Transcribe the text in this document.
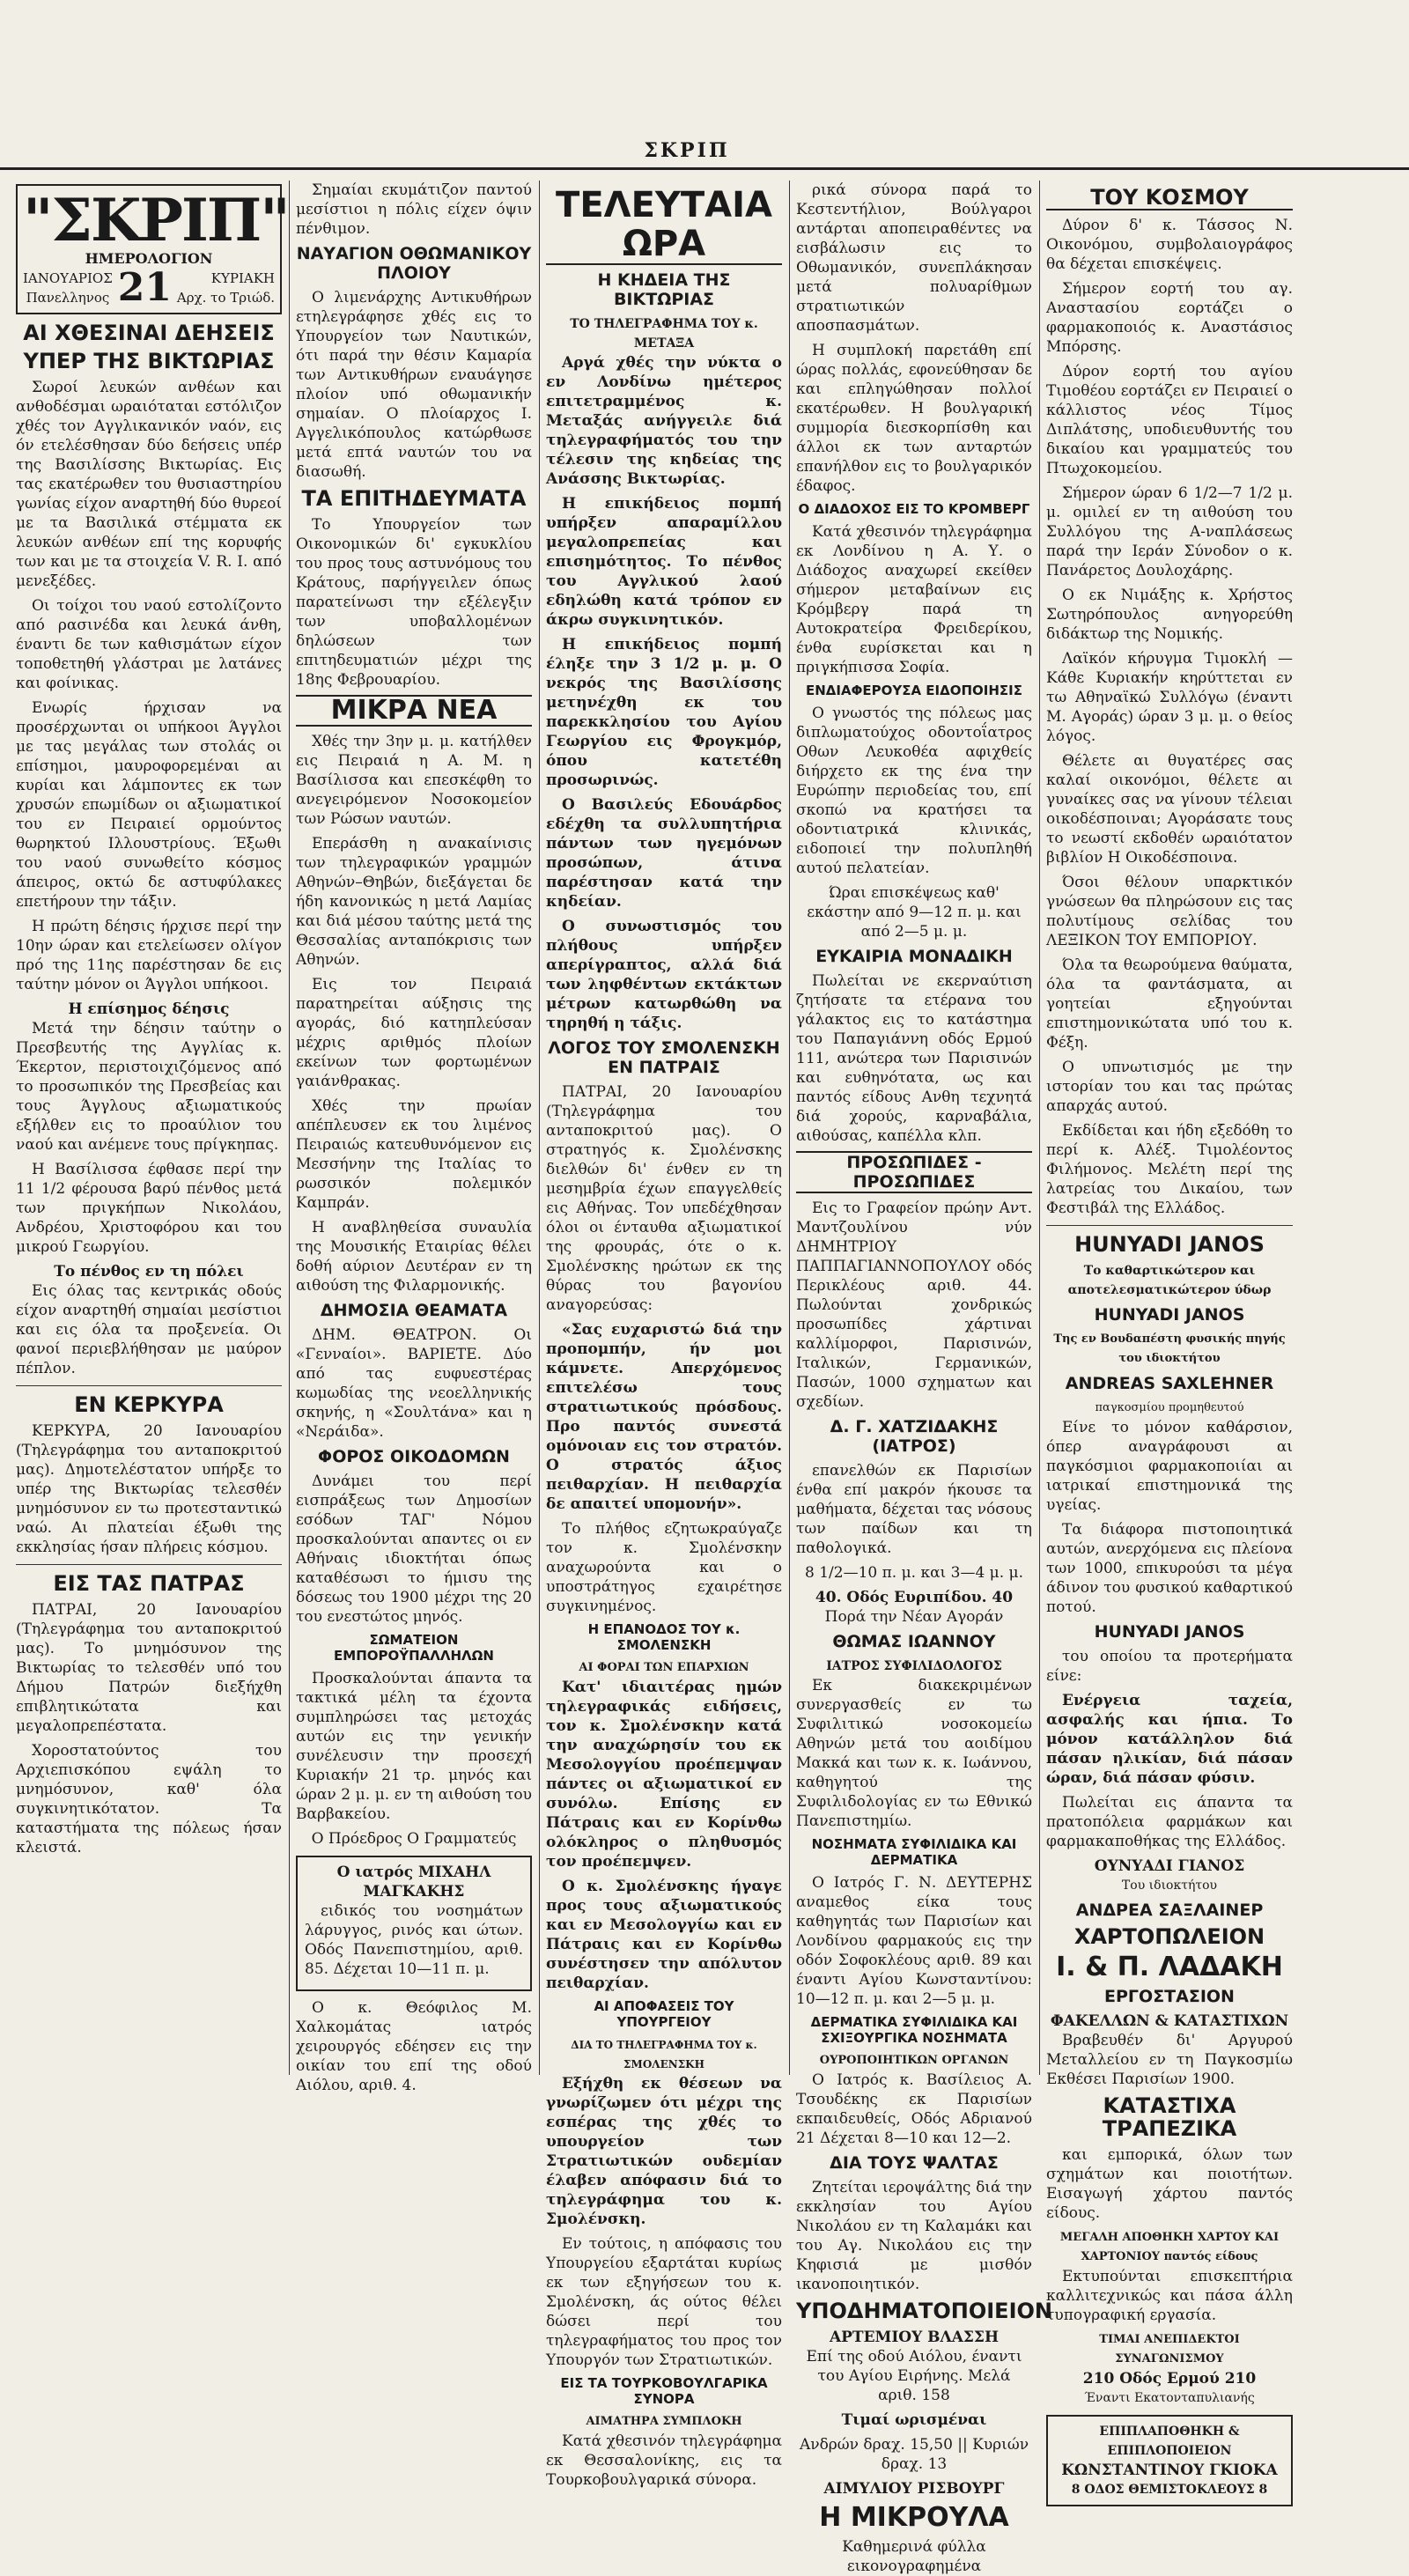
ΣΚΡΙΠ
"ΣΚΡΙΠ"
ΗΜΕΡΟΛΟΓΙΟΝ
ΙΑΝΟΥΑΡΙΟΣ
Πανελληνος 21	ΚΥΡΙΑΚΗ
Αρχ. το Τριώδ.
ΑΙ ΧΘΕΣΙΝΑΙ ΔΕΗΣΕΙΣ
ΥΠΕΡ ΤΗΣ ΒΙΚΤΩΡΙΑΣ

Σωροί λευκών ανθέων και ανθοδέσμαι ωραιόταται εστόλιζον χθές τον Αγγλικανικόν ναόν, εις όν ετελέσθησαν δύο δεήσεις υπέρ της Βασιλίσσης Βικτωρίας. Εις τας εκατέρωθεν του θυσιαστηρίου γωνίας είχον αναρτηθή δύο θυρεοί με τα Βασιλικά στέμματα εκ λευκών ανθέων επί της κορυφής των και με τα στοιχεία V. R. I. από μενεξέδες.

Οι τοίχοι του ναού εστολίζοντο από ρασινέδα και λευκά άνθη, έναντι δε των καθισμάτων είχον τοποθετηθή γλάστραι με λατάνες και φοίνικας.

Ενωρίς ήρχισαν να προσέρχωνται οι υπήκοοι Άγγλοι με τας μεγάλας των στολάς οι επίσημοι, μαυροφορεμέναι αι κυρίαι και λάμποντες εκ των χρυσών επωμίδων οι αξιωματικοί του εν Πειραιεί ορμούντος θωρηκτού Ιλλουστρίους. Έξωθι του ναού συνωθείτο κόσμος άπειρος, οκτώ δε αστυφύλακες επετήρουν την τάξιν.

Η πρώτη δέησις ήρχισε περί την 10ην ώραν και ετελείωσεν ολίγον πρό της 11ης παρέστησαν δε εις ταύτην μόνον οι Άγγλοι υπήκοοι.

Η επίσημος δέησις

Μετά την δέησιν ταύτην ο Πρεσβευτής της Αγγλίας κ. Έκερτον, περιστοιχιζόμενος από το προσωπικόν της Πρεσβείας και τους Άγγλους αξιωματικούς εξήλθεν εις το προαύλιον του ναού και ανέμενε τους πρίγκηπας.

Η Βασίλισσα έφθασε περί την 11 1/2 φέρουσα βαρύ πένθος μετά των πριγκήπων Νικολάου, Ανδρέου, Χριστοφόρου και του μικρού Γεωργίου.

Το πένθος εν τη πόλει

Εις όλας τας κεντρικάς οδούς είχον αναρτηθή σημαίαι μεσίστιοι και εις όλα τα προξενεία. Οι φανοί περιεβλήθησαν με μαύρον πέπλον.

ΕΝ ΚΕΡΚΥΡΑ

ΚΕΡΚΥΡΑ, 20 Ιανουαρίου (Τηλεγράφημα του ανταποκριτού μας). Δημοτελέστατον υπήρξε το υπέρ της Βικτωρίας τελεσθέν μνημόσυνον εν τω προτεσταντικώ ναώ. Αι πλατείαι έξωθι της εκκλησίας ήσαν πλήρεις κόσμου.

ΕΙΣ ΤΑΣ ΠΑΤΡΑΣ

ΠΑΤΡΑΙ, 20 Ιανουαρίου (Τηλεγράφημα του ανταποκριτού μας). Το μνημόσυνον της Βικτωρίας το τελεσθέν υπό του Δήμου Πατρών διεξήχθη επιβλητικώτατα και μεγαλοπρεπέστατα.

Χοροστατούντος του Αρχιεπισκόπου εψάλη το μνημόσυνον, καθ' όλα συγκινητικότατον. Τα καταστήματα της πόλεως ήσαν κλειστά.

Σημαίαι εκυμάτιζον παντού μεσίστιοι η πόλις είχεν όψιν πένθιμον.

ΝΑΥΑΓΙΟΝ ΟΘΩΜΑΝΙΚΟΥ ΠΛΟΙΟΥ

Ο λιμενάρχης Αντικυθήρων ετηλεγράφησε χθές εις το Υπουργείον των Ναυτικών, ότι παρά την θέσιν Καμαρία των Αντικυθήρων εναυάγησε πλοίον υπό οθωμανικήν σημαίαν. Ο πλοίαρχος Ι. Αγγελικόπουλος κατώρθωσε μετά επτά ναυτών του να διασωθή.

ΤΑ ΕΠΙΤΗΔΕΥΜΑΤΑ

Το Υπουργείον των Οικονομικών δι' εγκυκλίου του προς τους αστυνόμους του Κράτους, παρήγγειλεν όπως παρατείνωσι την εξέλεγξιν των υποβαλλομένων δηλώσεων των επιτηδευματιών μέχρι της 18ης Φεβρουαρίου.

ΜΙΚΡΑ ΝΕΑ

Χθές την 3ην μ. μ. κατήλθεν εις Πειραιά η Α. Μ. η Βασίλισσα και επεσκέφθη το ανεγειρόμενον Νοσοκομείον των Ρώσων ναυτών.

Επεράσθη η ανακαίνισις των τηλεγραφικών γραμμών Αθηνών–Θηβών, διεξάγεται δε ήδη κανονικώς η μετά Λαμίας και διά μέσου ταύτης μετά της Θεσσαλίας ανταπόκρισις των Αθηνών.

Εις τον Πειραιά παρατηρείται αύξησις της αγοράς, διό κατηπλεύσαν μέχρις αριθμός πλοίων εκείνων των φορτωμένων γαιάνθρακας.

Χθές την πρωίαν απέπλευσεν εκ του λιμένος Πειραιώς κατευθυνόμενον εις Μεσσήνην της Ιταλίας το ρωσσικόν πολεμικόν Καμπράν.

Η αναβληθείσα συναυλία της Μουσικής Εταιρίας θέλει δοθή αύριον Δευτέραν εν τη αιθούση της Φιλαρμονικής.

ΔΗΜΟΣΙΑ ΘΕΑΜΑΤΑ

ΔΗΜ. ΘΕΑΤΡΟΝ. Οι «Γενναίοι». ΒΑΡΙΕΤΕ. Δύο από τας ευφυεστέρας κωμωδίας της νεοελληνικής σκηνής, η «Σουλτάνα» και η «Νεράιδα».

ΦΟΡΟΣ ΟΙΚΟΔΟΜΩΝ

Δυνάμει του περί εισπράξεως των Δημοσίων εσόδων ΤΑΓ' Νόμου προσκαλούνται απαντες οι εν Αθήναις ιδιοκτήται όπως καταθέσωσι το ήμισυ της δόσεως του 1900 μέχρι της 20 του ενεστώτος μηνός.

ΣΩΜΑΤΕΙΟΝ ΕΜΠΟΡΟΫΠΑΛΛΗΛΩΝ

Προσκαλούνται άπαντα τα τακτικά μέλη τα έχοντα συμπληρώσει τας μετοχάς αυτών εις την γενικήν συνέλευσιν την προσεχή Κυριακήν 21 τρ. μηνός και ώραν 2 μ. μ. εν τη αιθούση του Βαρβακείου.

Ο Πρόεδρος Ο Γραμματεύς

Ο ιατρός ΜΙΧΑΗΛ ΜΑΓΚΑΚΗΣ

ειδικός του νοσημάτων λάρυγγος, ρινός και ώτων. Οδός Πανεπιστημίου, αριθ. 85. Δέχεται 10—11 π. μ.

Ο κ. Θεόφιλος Μ. Χαλκομάτας ιατρός χειρουργός εδέησεν εις την οικίαν του επί της οδού Αιόλου, αριθ. 4.

ΤΕΛΕΥΤΑΙΑ ΩΡΑ
Η ΚΗΔΕΙΑ ΤΗΣ ΒΙΚΤΩΡΙΑΣ
ΤΟ ΤΗΛΕΓΡΑΦΗΜΑ ΤΟΥ κ. ΜΕΤΑΞΑ

Αργά χθές την νύκτα ο εν Λονδίνω ημέτερος επιτετραμμένος κ. Μεταξάς ανήγγειλε διά τηλεγραφήματός του την τέλεσιν της κηδείας της Ανάσσης Βικτωρίας.

Η επικήδειος πομπή υπήρξεν απαραμίλλου μεγαλοπρεπείας και επισημότητος. Το πένθος του Αγγλικού λαού εδηλώθη κατά τρόπον εν άκρω συγκινητικόν.

Η επικήδειος πομπή έληξε την 3 1/2 μ. μ. Ο νεκρός της Βασιλίσσης μετηνέχθη εκ του παρεκκλησίου του Αγίου Γεωργίου εις Φρογκμόρ, όπου κατετέθη προσωρινώς.

Ο Βασιλεύς Εδουάρδος εδέχθη τα συλλυπητήρια πάντων των ηγεμόνων προσώπων, άτινα παρέστησαν κατά την κηδείαν.

Ο συνωστισμός του πλήθους υπήρξεν απερίγραπτος, αλλά διά των ληφθέντων εκτάκτων μέτρων κατωρθώθη να τηρηθή η τάξις.

ΛΟΓΟΣ ΤΟΥ ΣΜΟΛΕΝΣΚΗ ΕΝ ΠΑΤΡΑΙΣ

ΠΑΤΡΑΙ, 20 Ιανουαρίου (Τηλεγράφημα του ανταποκριτού μας). Ο στρατηγός κ. Σμολένσκης διελθών δι' ένθεν εν τη μεσημβρία έχων επαγγελθείς εις Αθήνας. Τον υπεδέχθησαν όλοι οι ένταυθα αξιωματικοί της φρουράς, ότε ο κ. Σμολένσκης ηρώτων εκ της θύρας του βαγονίου αναγορεύσας:

«Σας ευχαριστώ διά την προπομπήν, ήν μοι κάμνετε. Απερχόμενος επιτελέσω τους στρατιωτικούς πρόσδους. Προ παντός συνεστά ομόνοιαν εις τον στρατόν. Ο στρατός άξιος πειθαρχίαν. Η πειθαρχία δε απαιτεί υπομονήν».

Το πλήθος εζητωκραύγαζε τον κ. Σμολένσκην αναχωρούντα και ο υποστράτηγος εχαιρέτησε συγκινημένος.

Η ΕΠΑΝΟΔΟΣ ΤΟΥ κ. ΣΜΟΛΕΝΣΚΗ
ΑΙ ΦΟΡΑΙ ΤΩΝ ΕΠΑΡΧΙΩΝ

Κατ' ιδιαιτέρας ημών τηλεγραφικάς ειδήσεις, τον κ. Σμολένσκην κατά την αναχώρησίν του εκ Μεσολογγίου προέπεμψαν πάντες οι αξιωματικοί εν συνόλω. Επίσης εν Πάτραις και εν Κορίνθω ολόκληρος ο πληθυσμός τον προέπεμψεν.

Ο κ. Σμολένσκης ήγαγε προς τους αξιωματικούς και εν Μεσολογγίω και εν Πάτραις και εν Κορίνθω συνέστησεν την απόλυτον πειθαρχίαν.

ΑΙ ΑΠΟΦΑΣΕΙΣ ΤΟΥ ΥΠΟΥΡΓΕΙΟΥ
ΔΙΑ ΤΟ ΤΗΛΕΓΡΑΦΗΜΑ ΤΟΥ κ. ΣΜΟΛΕΝΣΚΗ

Εξήχθη εκ θέσεων να γνωρίζωμεν ότι μέχρι της εσπέρας της χθές το υπουργείον των Στρατιωτικών ουδεμίαν έλαβεν απόφασιν διά το τηλεγράφημα του κ. Σμολένσκη.

Εν τούτοις, η απόφασις του Υπουργείου εξαρτάται κυρίως εκ των εξηγήσεων του κ. Σμολένσκη, άς ούτος θέλει δώσει περί του τηλεγραφήματος του προς τον Υπουργόν των Στρατιωτικών.

ΕΙΣ ΤΑ ΤΟΥΡΚΟΒΟΥΛΓΑΡΙΚΑ ΣΥΝΟΡΑ
ΑΙΜΑΤΗΡΑ ΣΥΜΠΛΟΚΗ

Κατά χθεσινόν τηλεγράφημα εκ Θεσσαλονίκης, εις τα Τουρκοβουλγαρικά σύνορα.

ρικά σύνορα παρά το Κεστεντήλιον, Βούλγαροι αντάρται αποπειραθέντες να εισβάλωσιν εις το Οθωμανικόν, συνεπλάκησαν μετά πολυαρίθμων στρατιωτικών αποσπασμάτων.

Η συμπλοκή παρετάθη επί ώρας πολλάς, εφονεύθησαν δε και επληγώθησαν πολλοί εκατέρωθεν. Η βουλγαρική συμμορία διεσκορπίσθη και άλλοι εκ των ανταρτών επανήλθον εις το βουλγαρικόν έδαφος.

Ο ΔΙΑΔΟΧΟΣ ΕΙΣ ΤΟ ΚΡΟΜΒΕΡΓ

Κατά χθεσινόν τηλεγράφημα εκ Λονδίνου η Α. Υ. ο Διάδοχος αναχωρεί εκείθεν σήμερον μεταβαίνων εις Κρόμβεργ παρά τη Αυτοκρατείρα Φρειδερίκου, ένθα ευρίσκεται και η πριγκήπισσα Σοφία.

ΕΝΔΙΑΦΕΡΟΥΣΑ ΕΙΔΟΠΟΙΗΣΙΣ

Ο γνωστός της πόλεως μας διπλωματούχος οδοντοΐατρος Οθων Λευκοθέα αφιχθείς διήρχετο εκ της ένα την Ευρώπην περιοδείας του, επί σκοπώ να κρατήσει τα οδοντιατρικά κλινικάς, ειδοποιεί την πολυπληθή αυτού πελατείαν.

Ώραι επισκέψεως καθ' εκάστην από 9—12 π. μ. και από 2—5 μ. μ.

ΕΥΚΑΙΡΙΑ ΜΟΝΑΔΙΚΗ

Πωλείται νε εκερναύτιση ζητήσατε τα ετέρανα του γάλακτος εις το κατάστημα του Παπαγιάννη οδός Ερμού 111, ανώτερα των Παρισινών και ευθηνότατα, ως και παντός είδους Ανθη τεχνητά διά χορούς, καρναβάλια, αιθούσας, καπέλλα κλπ.

ΠΡΟΣΩΠΙΔΕΣ - ΠΡΟΣΩΠΙΔΕΣ

Εις το Γραφείον πρώην Αντ. Μαντζουλίνου νύν ΔΗΜΗΤΡΙΟΥ ΠΑΠΠΑΓΙΑΝΝΟΠΟΥΛΟΥ οδός Περικλέους αριθ. 44. Πωλούνται χονδρικώς προσωπίδες χάρτιναι καλλίμορφοι, Παρισινών, Ιταλικών, Γερμανικών, Πασών, 1000 σχηματων και σχεδίων.

Δ. Γ. ΧΑΤΖΙΔΑΚΗΣ (ΙΑΤΡΟΣ)

επανελθών εκ Παρισίων ένθα επί μακρόν ήκουσε τα μαθήματα, δέχεται τας νόσους των παίδων και τη παθολογικά.

8 1/2—10 π. μ. και 3—4 μ. μ.

40. Οδός Ευριπίδου. 40
Πορά την Νέαν Αγοράν
ΘΩΜΑΣ ΙΩΑΝΝΟΥ
ΙΑΤΡΟΣ ΣΥΦΙΛΙΔΟΛΟΓΟΣ

Εκ διακεκριμένων συνεργασθείς εν τω Συφιλιτικώ νοσοκομείω Αθηνών μετά του αοιδίμου Μακκά και των κ. κ. Ιωάννου, καθηγητού της Συφιλιδολογίας εν τω Εθνικώ Πανεπιστημίω.

ΝΟΣΗΜΑΤΑ ΣΥΦΙΛΙΔΙΚΑ ΚΑΙ ΔΕΡΜΑΤΙΚΑ

Ο Ιατρός Γ. Ν. ΔΕΥΤΕΡΗΣ αναμεθος είκα τους καθηγητάς των Παρισίων και Λονδίνου φαρμακούς εις την οδόν Σοφοκλέους αριθ. 89 και έναντι Αγίου Κωνσταντίνου: 10—12 π. μ. και 2—5 μ. μ.

ΔΕΡΜΑΤΙΚΑ ΣΥΦΙΛΙΔΙΚΑ ΚΑΙ ΣΧΙΞΟΥΡΓΙΚΑ ΝΟΣΗΜΑΤΑ
ΟΥΡΟΠΟΙΗΤΙΚΩΝ ΟΡΓΑΝΩΝ

Ο Ιατρός κ. Βασίλειος Α. Τσουδέκης εκ Παρισίων εκπαιδευθείς, Οδός Αδριανού 21 Δέχεται 8—10 και 12—2.

ΔΙΑ ΤΟΥΣ ΨΑΛΤΑΣ

Ζητείται ιεροψάλτης διά την εκκλησίαν του Αγίου Νικολάου εν τη Καλαμάκι και του Αγ. Νικολάου εις την Κηφισιά με μισθόν ικανοποιητικόν.

ΥΠΟΔΗΜΑΤΟΠΟΙΕΙΟΝ
ΑΡΤΕΜΙΟΥ ΒΛΑΣΣΗ

Επί της οδού Αιόλου, έναντι του Αγίου Ειρήνης. Μελά αριθ. 158

Τιμαί ωρισμέναι

Ανδρών δραχ. 15,50 || Κυριών δραχ. 13

ΑΙΜΥΛΙΟΥ ΡΙΣΒΟΥΡΓ
Η ΜΙΚΡΟΥΛΑ

Καθημερινά φύλλα εικονογραφημένα

ΤΟΥ ΚΟΣΜΟΥ

Δύρον δ' κ. Τάσσος Ν. Οικονόμου, συμβολαιογράφος θα δέχεται επισκέψεις.

Σήμερον εορτή του αγ. Αναστασίου εορτάζει ο φαρμακοποιός κ. Αναστάσιος Μπόρσης.

Δύρον εορτή του αγίου Τιμοθέου εορτάζει εν Πειραιεί ο κάλλιστος νέος Τίμος Διπλάτσης, υποδιευθυντής του δικαίου και γραμματεύς του Πτωχοκομείου.

Σήμερον ώραν 6 1/2—7 1/2 μ. μ. ομιλεί εν τη αιθούση του Συλλόγου της Α-ναπλάσεως παρά την Ιεράν Σύνοδον ο κ. Πανάρετος Δουλοχάρης.

Ο εκ Νιμάξης κ. Χρήστος Σωτηρόπουλος ανηγορεύθη διδάκτωρ της Νομικής.

Λαϊκόν κήρυγμα Τιμοκλή — Κάθε Κυριακήν κηρύττεται εν τω Αθηναϊκώ Συλλόγω (έναντι Μ. Αγοράς) ώραν 3 μ. μ. ο θείος λόγος.

Θέλετε αι θυγατέρες σας καλαί οικονόμοι, θέλετε αι γυναίκες σας να γίνουν τέλειαι οικοδέσποιναι; Αγοράσατε τους το νεωστί εκδοθέν ωραιότατον βιβλίον Η Οικοδέσποινα.

Όσοι θέλουν υπαρκτικόν γνώσεων θα πληρώσουν εις τας πολυτίμους σελίδας του ΛΕΞΙΚΟΝ ΤΟΥ ΕΜΠΟΡΙΟΥ.

Όλα τα θεωρούμενα θαύματα, όλα τα φαντάσματα, αι γοητείαι εξηγούνται επιστημονικώτατα υπό του κ. Φέξη.

Ο υπνωτισμός με την ιστορίαν του και τας πρώτας απαρχάς αυτού.

Εκδίδεται και ήδη εξεδόθη το περί κ. Αλέξ. Τιμολέοντος Φιλήμονος. Μελέτη περί της λατρείας του Δικαίου, των Φεστιβάλ της Ελλάδος.

HUNYADI JANOS
Το καθαρτικώτερον και αποτελεσματικώτερον ύδωρ
HUNYADI JANOS
Της εν Βουδαπέστη φυσικής πηγής του ιδιοκτήτου
ANDREAS SAXLEHNER
παγκοσμίου προμηθευτού

Είνε το μόνον καθάρσιον, όπερ αναγράφουσι αι παγκόσμιοι φαρμακοποιίαι αι ιατρικαί επιστημονικά της υγείας.

Τα διάφορα πιστοποιητικά αυτών, ανερχόμενα εις πλείονα των 1000, επικυρούσι τα μέγα άδινον του φυσικού καθαρτικού ποτού.

HUNYADI JANOS

του οποίου τα προτερήματα είνε:

Ενέργεια ταχεία, ασφαλής και ήπια. Το μόνον κατάλληλον διά πάσαν ηλικίαν, διά πάσαν ώραν, διά πάσαν φύσιν.

Πωλείται εις άπαντα τα πρατοπόλεια φαρμάκων και φαρμακαποθήκας της Ελλάδος.

ΟΥΝΥΑΔΙ ΓΙΑΝΟΣ
Του ιδιοκτήτου
ΑΝΔΡΕΑ ΣΑΞΛΑΙΝΕΡ
ΧΑΡΤΟΠΩΛΕΙΟΝ
Ι. & Π. ΛΑΔΑΚΗ
ΕΡΓΟΣΤΑΣΙΟΝ
ΦΑΚΕΛΛΩΝ & ΚΑΤΑΣΤΙΧΩΝ

Βραβευθέν δι' Αργυρού Μεταλλείου εν τη Παγκοσμίω Εκθέσει Παρισίων 1900.

ΚΑΤΑΣΤΙΧΑ ΤΡΑΠΕΖΙΚΑ

και εμπορικά, όλων των σχημάτων και ποιοτήτων. Εισαγωγή χάρτου παντός είδους.

ΜΕΓΑΛΗ ΑΠΟΘΗΚΗ ΧΑΡΤΟΥ ΚΑΙ ΧΑΡΤΟΝΙΟΥ παντός είδους

Εκτυπούνται επισκεπτήρια καλλιτεχνικώς και πάσα άλλη τυπογραφική εργασία.

ΤΙΜΑΙ ΑΝΕΠΙΔΕΚΤΟΙ ΣΥΝΑΓΩΝΙΣΜΟΥ
210 Οδός Ερμού 210
Έναντι Εκατονταπυλιανής
ΕΠΙΠΛΑΠΟΘΗΚΗ & ΕΠΙΠΛΟΠΟΙΕΙΟΝ
ΚΩΝΣΤΑΝΤΙΝΟΥ ΓΚΙΟΚΑ
8 ΟΔΟΣ ΘΕΜΙΣΤΟΚΛΕΟΥΣ 8
